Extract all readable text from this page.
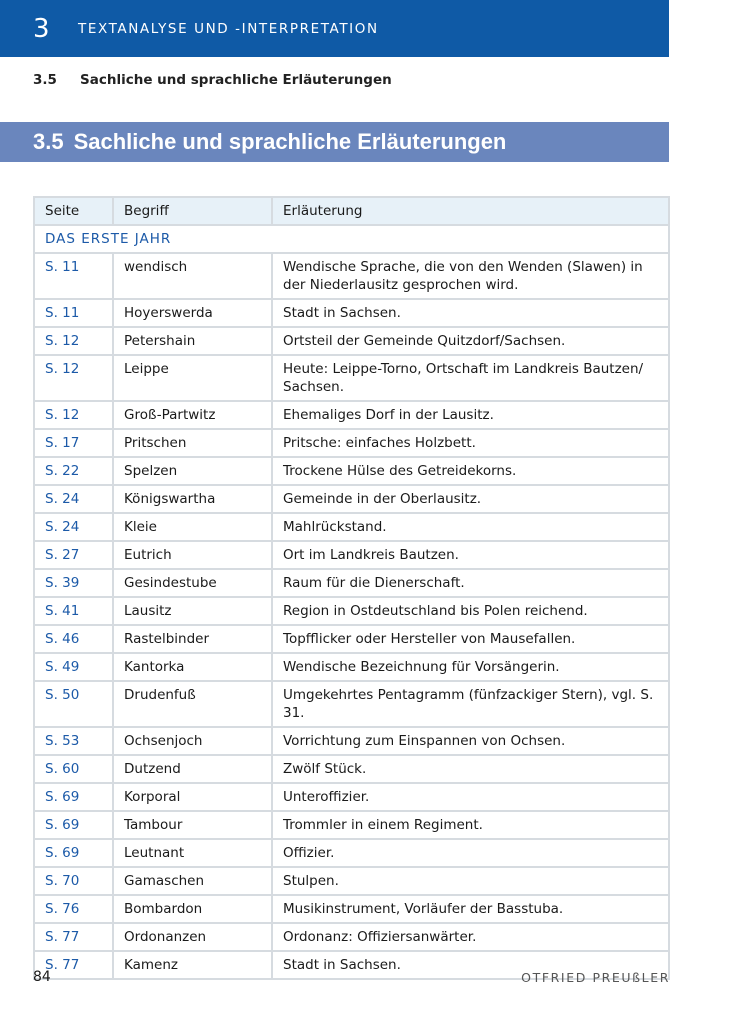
3	TEXTANALYSE UND -INTERPRETATION
3.5 Sachliche und sprachliche Erläuterungen
3.5 Sachliche und sprachliche Erläuterungen
Seite	Begriff	Erläuterung
DAS ERSTE JAHR		
S. 11	wendisch	Wendische Sprache, die von den Wenden (Slawen) in der Niederlausitz gesprochen wird.
S. 11	Hoyerswerda	Stadt in Sachsen.
S. 12	Petershain	Ortsteil der Gemeinde Quitzdorf/Sachsen.
S. 12	Leippe	Heute: Leippe-Torno, Ortschaft im Landkreis Bautzen/ Sachsen.
S. 12	Groß-Partwitz	Ehemaliges Dorf in der Lausitz.
S. 17	Pritschen	Pritsche: einfaches Holzbett.
S. 22	Spelzen	Trockene Hülse des Getreidekorns.
S. 24	Königswartha	Gemeinde in der Oberlausitz.
S. 24	Kleie	Mahlrückstand.
S. 27	Eutrich	Ort im Landkreis Bautzen.
S. 39	Gesindestube	Raum für die Dienerschaft.
S. 41	Lausitz	Region in Ostdeutschland bis Polen reichend.
S. 46	Rastelbinder	Topfflicker oder Hersteller von Mausefallen.
S. 49	Kantorka	Wendische Bezeichnung für Vorsängerin.
S. 50	Drudenfuß	Umgekehrtes Pentagramm (fünfzackiger Stern), vgl. S. 31.
S. 53	Ochsenjoch	Vorrichtung zum Einspannen von Ochsen.
S. 60	Dutzend	Zwölf Stück.
S. 69	Korporal	Unteroffizier.
S. 69	Tambour	Trommler in einem Regiment.
S. 69	Leutnant	Offizier.
S. 70	Gamaschen	Stulpen.
S. 76	Bombardon	Musikinstrument, Vorläufer der Basstuba.
S. 77	Ordonanzen	Ordonanz: Offiziersanwärter.
S. 77	Kamenz	Stadt in Sachsen.
84	OTFRIED PREUßLER
